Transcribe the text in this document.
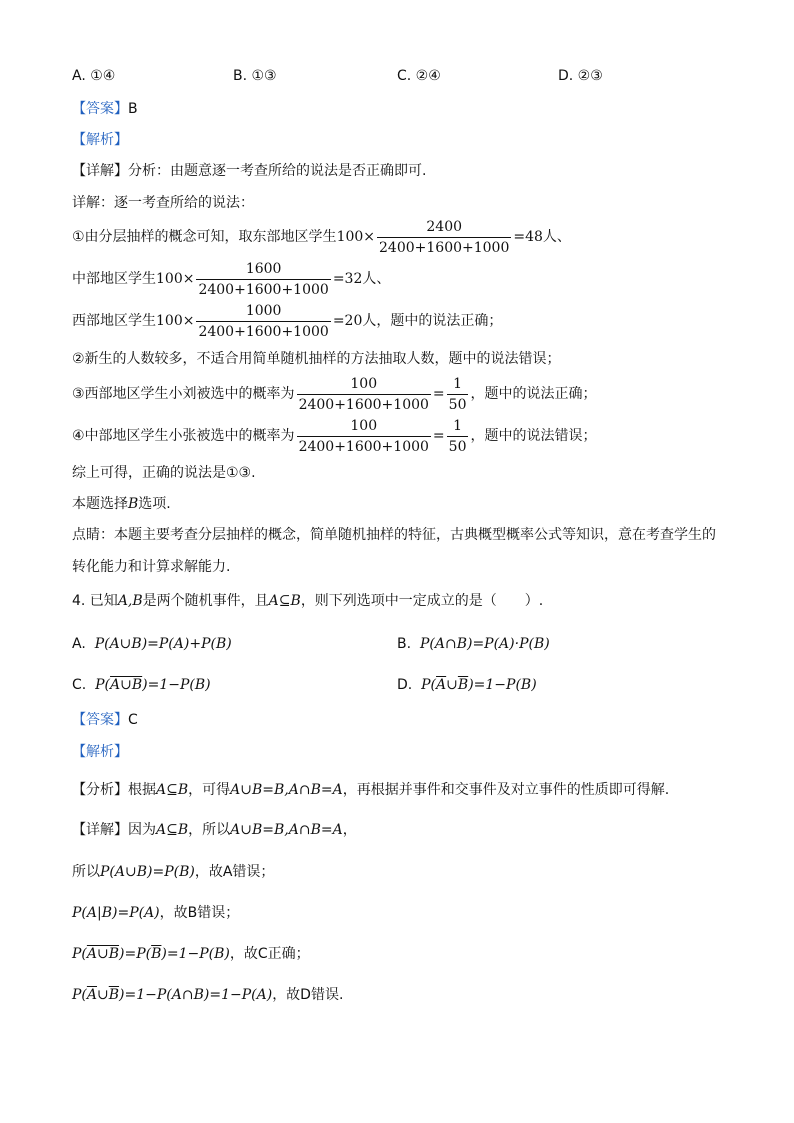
A. ①④	B. ①③	C. ②④	D. ②③
【答案】B
【解析】
【详解】分析：由题意逐一考查所给的说法是否正确即可.
详解：逐一考查所给的说法：
①由分层抽样的概念可知，取东部地区学生$100\times \frac{2400}{2400+1600+1000} =48$人、
中部地区学生$100\times \frac{1600}{2400+1600+1000} =32$人、
西部地区学生$100\times \frac{1000}{2400+1600+1000} =20$人，题中的说法正确；
②新生的人数较多，不适合用简单随机抽样的方法抽取人数，题中的说法错误；
③西部地区学生小刘被选中的概率为 $\frac{100}{2400+1600+1000} = \frac{1}{50}$ ，题中的说法正确；
④中部地区学生小张被选中的概率为 $\frac{100}{2400+1600+1000} = \frac{1}{50}$ ，题中的说法错误；
综上可得，正确的说法是①③.
本题选择B选项.
点睛：本题主要考查分层抽样的概念，简单随机抽样的特征，古典概型概率公式等知识，意在考查学生的
转化能力和计算求解能力.
4. 已知A,B是两个随机事件，且A⊆B，则下列选项中一定成立的是（　　）.
A. P(A∪B)=P(A)+P(B)	B. P(A∩B)=P(A)·P(B)
C. P(A∪B)=1−P(B)	D. $P(\overline{A}\cup\overline{B})=1-P(B)$
【答案】C
【解析】
【分析】根据A⊆B，可得A∪B=B,A∩B=A，再根据并事件和交事件及对立事件的性质即可得解.
【详解】因为A⊆B，所以A∪B=B,A∩B=A，
所以P(A∪B)=P(B)，故A错误；
P(A|B)=P(A)，故B错误；
$P(A\cup B)=P(\overline{B})=1-P(B)$，故C正确；
$P(\overline{A}\cup\overline{B})=1-P(A\cap B)=1-P(A)$，故D错误.
